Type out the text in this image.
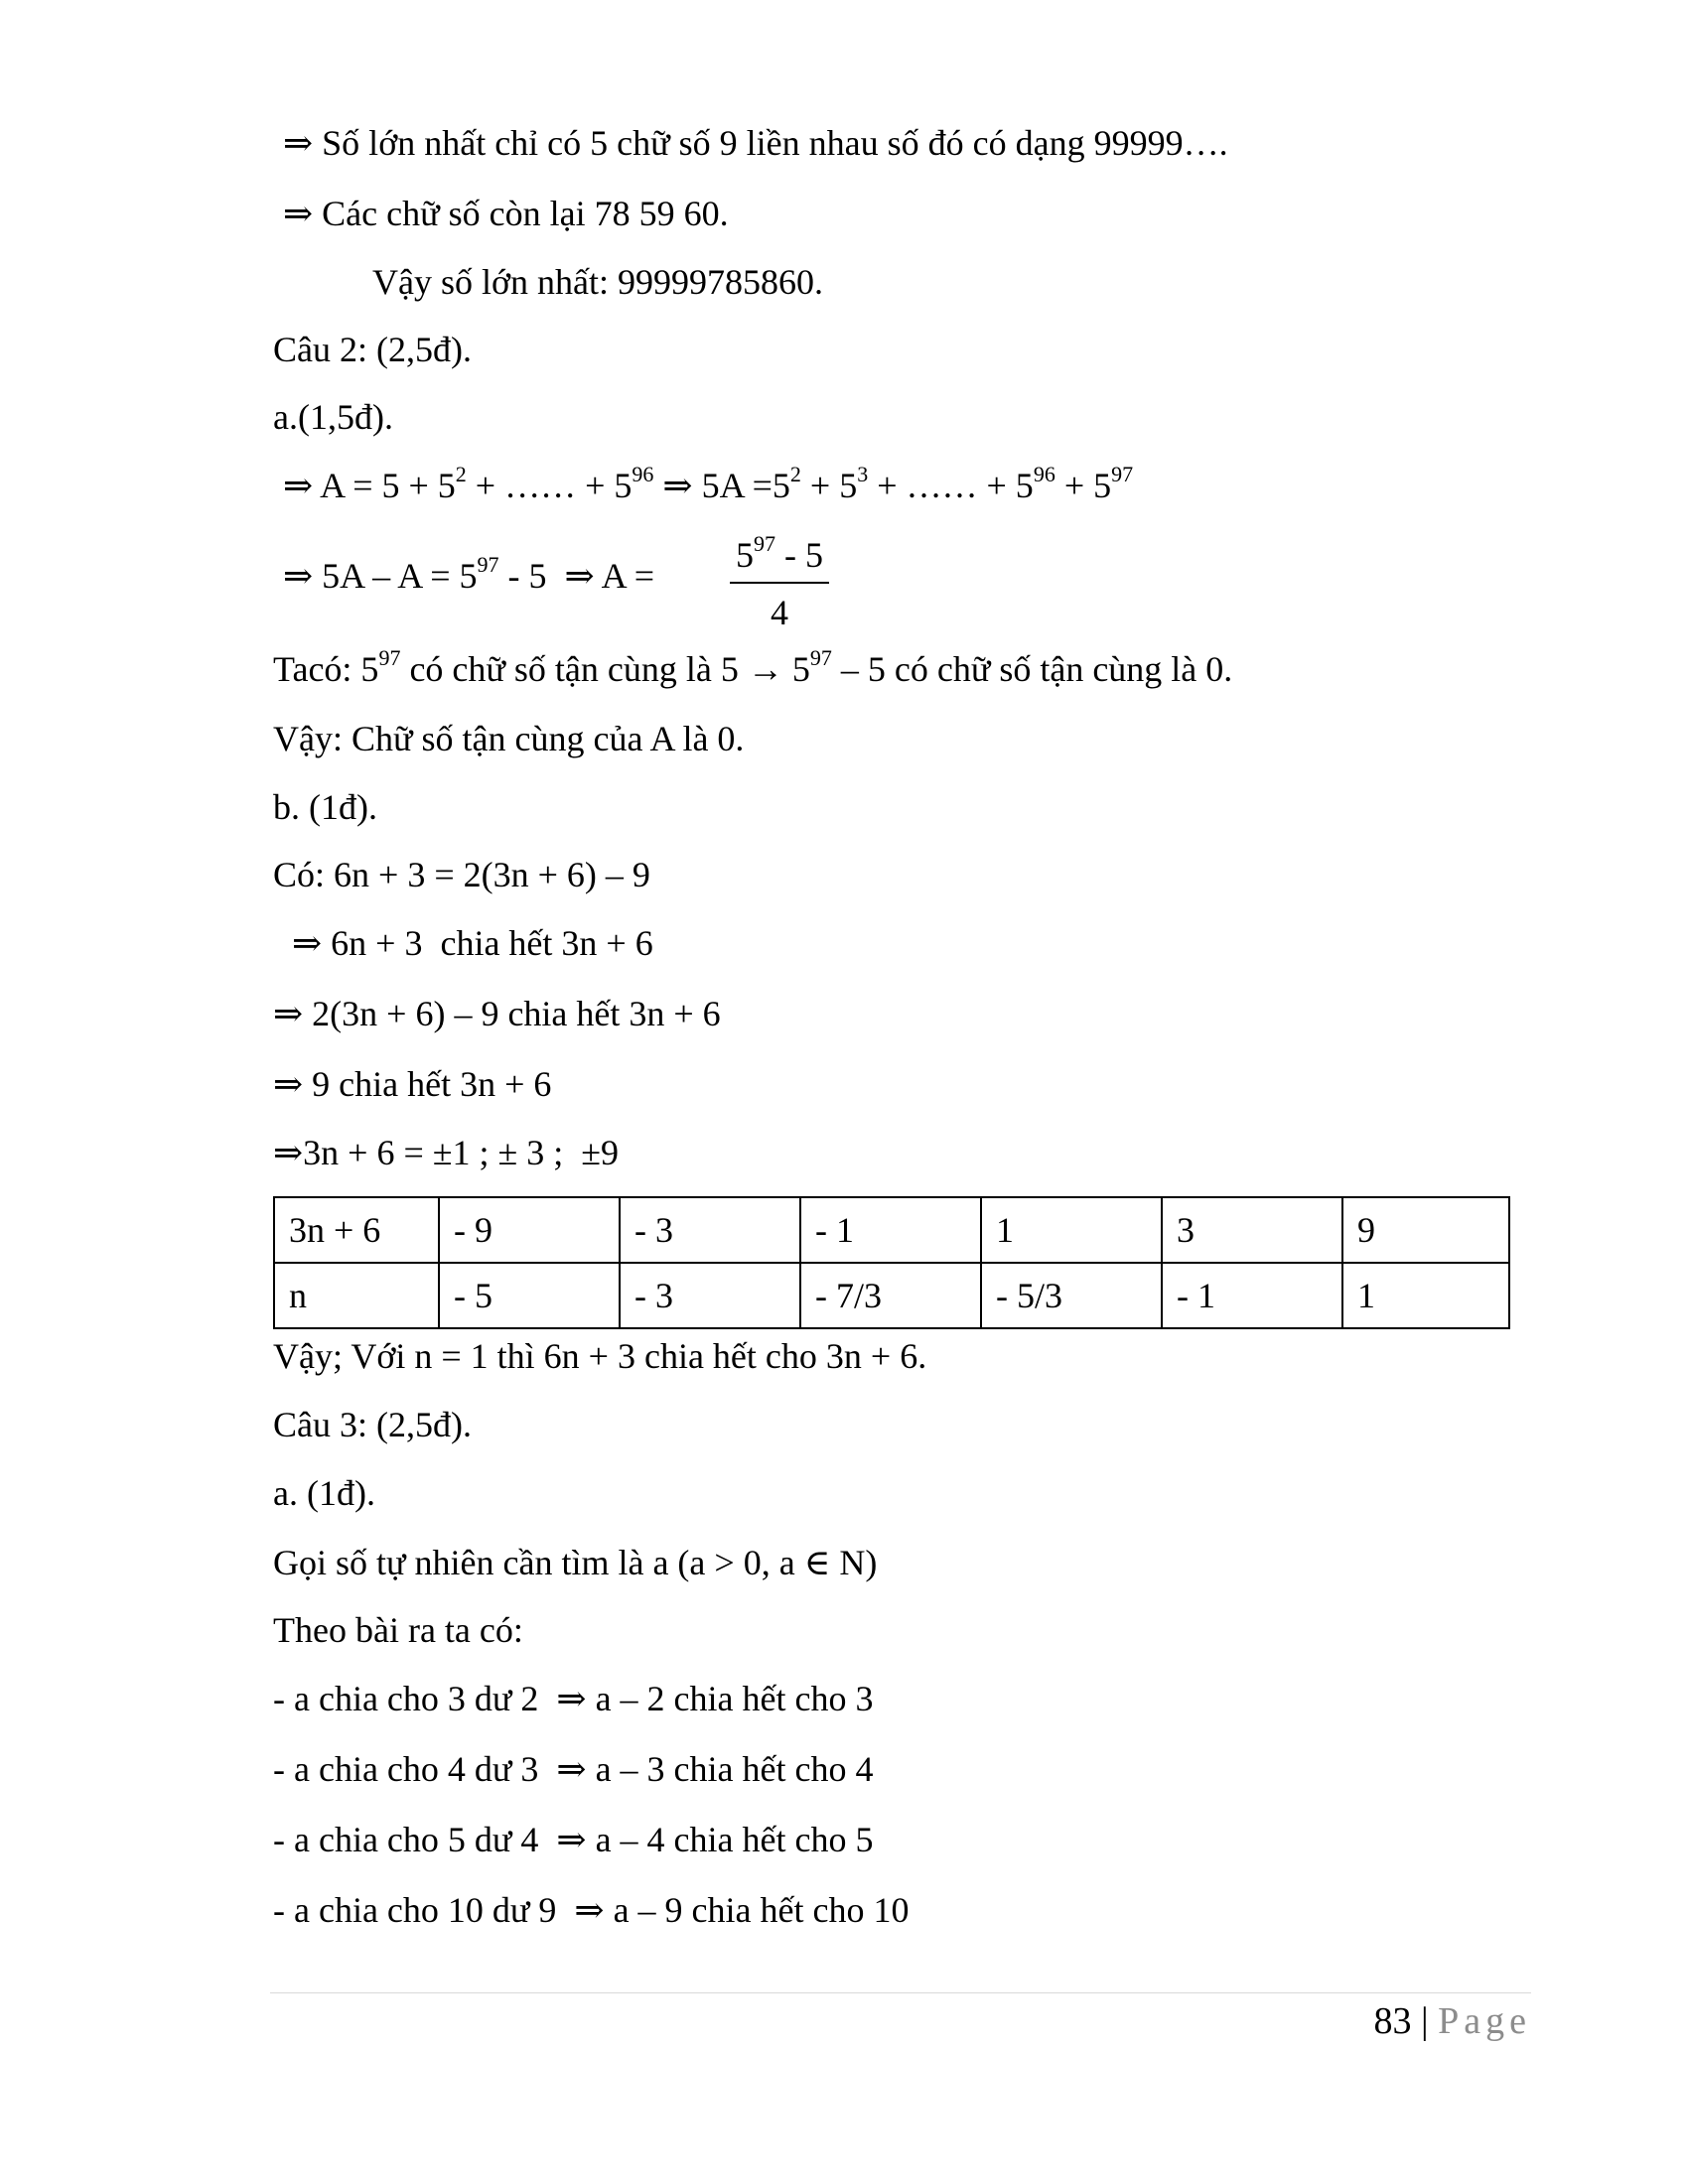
⇒ Số lớn nhất chỉ có 5 chữ số 9 liền nhau số đó có dạng 99999….
⇒ Các chữ số còn lại 78 59 60.
Vậy số lớn nhất: 99999785860.
Câu 2: (2,5đ).
a.(1,5đ).
⇒ $A = 5 + 5^2$ + …… + $5^{96}$ ⇒ $5A =5^2 + 5^3$ + …… + $5^{96} + 5^{97}$
⇒ $5A - A = 5^{97} - 5$  ⇒ A =
$5^{97} - 5$
4
Tacó: $5^{97}$ có chữ số tận cùng là $5 \to 5^{97} - 5$ có chữ số tận cùng là 0.
Vậy: Chữ số tận cùng của A là 0.
b. (1đ).
Có: 6n + 3 = 2(3n + 6) – 9
⇒ 6n + 3  chia hết 3n + 6
⇒ 2(3n + 6) – 9 chia hết 3n + 6
⇒ 9 chia hết 3n + 6
⇒3n + 6 = ±1 ; ± 3 ;  ±9
3n + 6	- 9	- 3	- 1	1	3	9
n	- 5	- 3	- 7/3	- 5/3	- 1	1
Vậy; Với n = 1 thì 6n + 3 chia hết cho 3n + 6.
Câu 3: (2,5đ).
a. (1đ).
Gọi số tự nhiên cần tìm là a (a > 0, a ∈ N)
Theo bài ra ta có:
- a chia cho 3 dư 2  ⇒ a – 2 chia hết cho 3
- a chia cho 4 dư 3  ⇒ a – 3 chia hết cho 4
- a chia cho 5 dư 4  ⇒ a – 4 chia hết cho 5
- a chia cho 10 dư 9  ⇒ a – 9 chia hết cho 10
83 | Page
